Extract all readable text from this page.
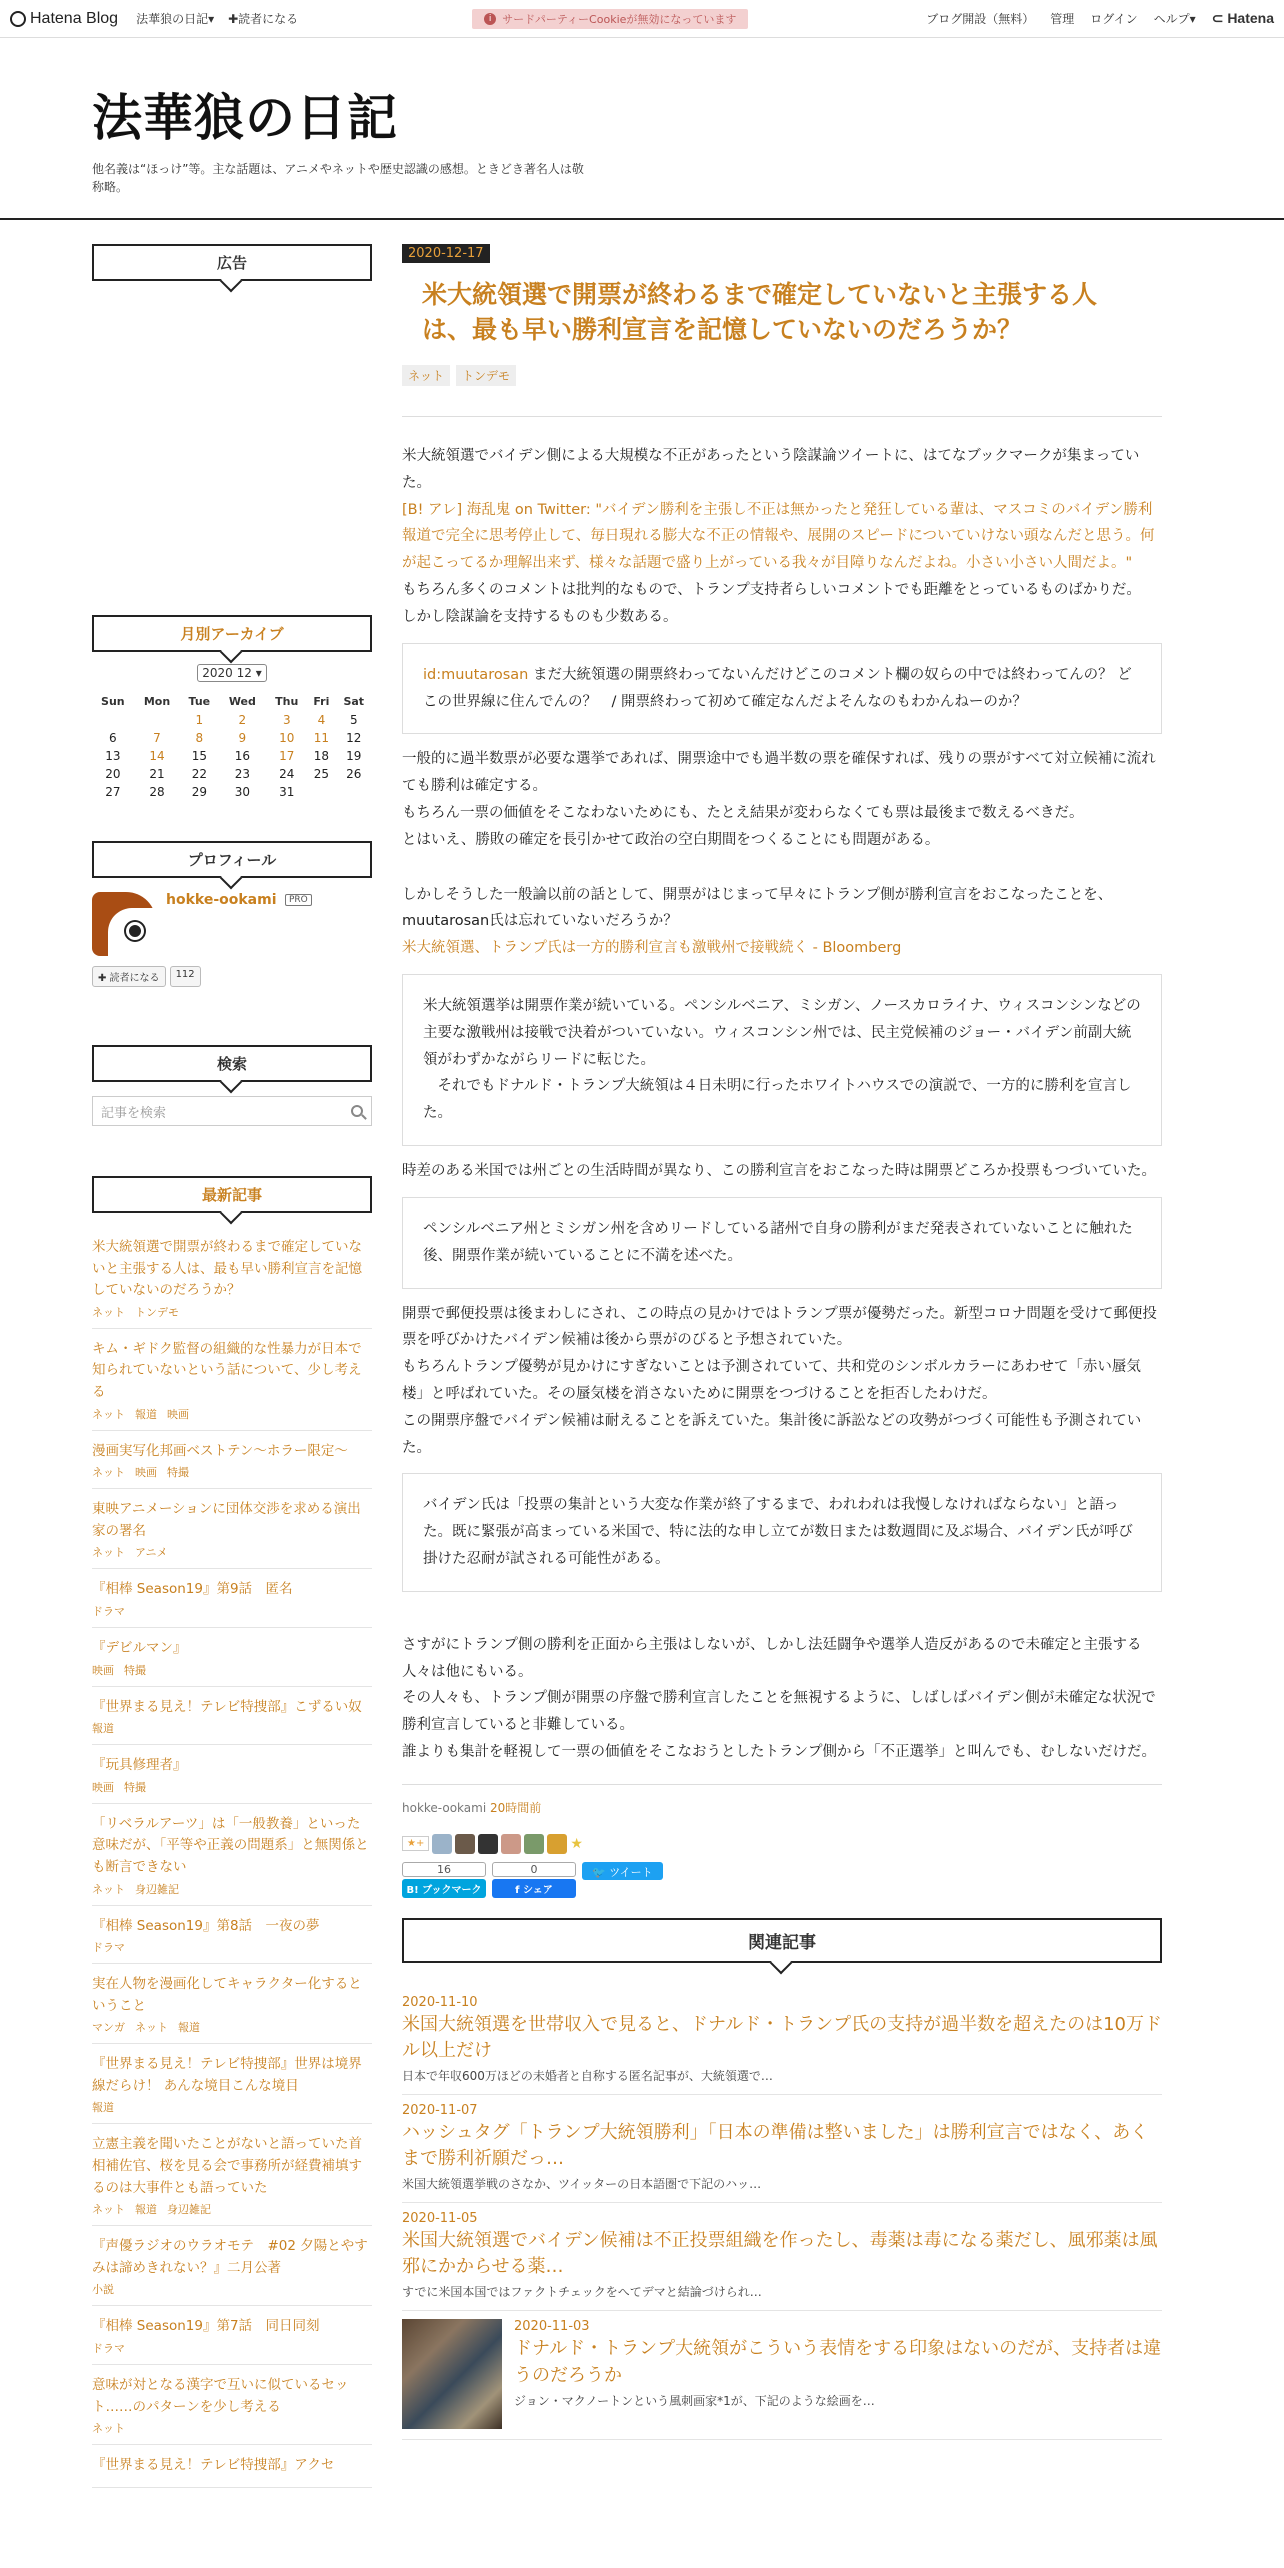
Hatena Blog 法華狼の日記▾ ✚読者になる	i サードパーティーCookieが無効になっています	ブログ開設（無料） 管理 ログイン ヘルプ▾ ⊂ Hatena
法華狼の日記
他名義は“ほっけ”等。主な話題は、アニメやネットや歴史認識の感想。ときどき著名人は敬称略。
広告
月別アーカイブ
2020 12 ▾
Sun	Mon	Tue	Wed	Thu	Fri	Sat
		1	2	3	4	5
6	7	8	9	10	11	12
13	14	15	16	17	18	19
20	21	22	23	24	25	26
27	28	29	30	31		
プロフィール
hokke-ookami PRO
✚ 読者になる	112
検索
記事を検索
最新記事
米大統領選で開票が終わるまで確定していないと主張する人は、最も早い勝利宣言を記憶していないのだろうか？
ネット トンデモ
キム・ギドク監督の組織的な性暴力が日本で知られていないという話について、少し考える
ネット 報道 映画
漫画実写化邦画ベストテン～ホラー限定～
ネット 映画 特撮
東映アニメーションに団体交渉を求める演出家の署名
ネット アニメ
『相棒 Season19』第9話　匿名
ドラマ
『デビルマン』
映画 特撮
『世界まる見え！テレビ特捜部』こずるい奴
報道
『玩具修理者』
映画 特撮
「リベラルアーツ」は「一般教養」といった意味だが、「平等や正義の問題系」と無関係とも断言できない
ネット 身辺雑記
『相棒 Season19』第8話　一夜の夢
ドラマ
実在人物を漫画化してキャラクター化するということ
マンガ ネット 報道
『世界まる見え！テレビ特捜部』世界は境界線だらけ！ あんな境目こんな境目
報道
立憲主義を聞いたことがないと語っていた首相補佐官、桜を見る会で事務所が経費補填するのは大事件とも語っていた
ネット 報道 身辺雑記
『声優ラジオのウラオモテ　#02 夕陽とやすみは諦めきれない？』二月公著
小説
『相棒 Season19』第7話　同日同刻
ドラマ
意味が対となる漢字で互いに似ているセット……のパターンを少し考える
ネット
『世界まる見え！テレビ特捜部』アクセ
2020-12-17
米大統領選で開票が終わるまで確定していないと主張する人は、最も早い勝利宣言を記憶していないのだろうか？
ネット	トンデモ
米大統領選でバイデン側による大規模な不正があったという陰謀論ツイートに、はてなブックマークが集まっていた。
[B! アレ] 海乱鬼 on Twitter: "バイデン勝利を主張し不正は無かったと発狂している輩は、マスコミのバイデン勝利報道で完全に思考停止して、毎日現れる膨大な不正の情報や、展開のスピードについていけない頭なんだと思う。何が起こってるか理解出来ず、様々な話題で盛り上がっている我々が目障りなんだよね。小さい小さい人間だよ。"
もちろん多くのコメントは批判的なもので、トランプ支持者らしいコメントでも距離をとっているものばかりだ。
しかし陰謀論を支持するものも少数ある。
id:muutarosan まだ大統領選の開票終わってないんだけどこのコメント欄の奴らの中では終わってんの？ どこの世界線に住んでんの？　/ 開票終わって初めて確定なんだよそんなのもわかんねーのか？
一般的に過半数票が必要な選挙であれば、開票途中でも過半数の票を確保すれば、残りの票がすべて対立候補に流れても勝利は確定する。
もちろん一票の価値をそこなわないためにも、たとえ結果が変わらなくても票は最後まで数えるべきだ。
とはいえ、勝敗の確定を長引かせて政治の空白期間をつくることにも問題がある。
しかしそうした一般論以前の話として、開票がはじまって早々にトランプ側が勝利宣言をおこなったことを、muutarosan氏は忘れていないだろうか？
米大統領選、トランプ氏は一方的勝利宣言も激戦州で接戦続く - Bloomberg
米大統領選挙は開票作業が続いている。ペンシルベニア、ミシガン、ノースカロライナ、ウィスコンシンなどの主要な激戦州は接戦で決着がついていない。ウィスコンシン州では、民主党候補のジョー・バイデン前副大統領がわずかながらリードに転じた。
　それでもドナルド・トランプ大統領は４日未明に行ったホワイトハウスでの演説で、一方的に勝利を宣言した。
時差のある米国では州ごとの生活時間が異なり、この勝利宣言をおこなった時は開票どころか投票もつづいていた。
ペンシルベニア州とミシガン州を含めリードしている諸州で自身の勝利がまだ発表されていないことに触れた後、開票作業が続いていることに不満を述べた。
開票で郵便投票は後まわしにされ、この時点の見かけではトランプ票が優勢だった。新型コロナ問題を受けて郵便投票を呼びかけたバイデン候補は後から票がのびると予想されていた。
もちろんトランプ優勢が見かけにすぎないことは予測されていて、共和党のシンボルカラーにあわせて「赤い蜃気楼」と呼ばれていた。その蜃気楼を消さないために開票をつづけることを拒否したわけだ。
この開票序盤でバイデン候補は耐えることを訴えていた。集計後に訴訟などの攻勢がつづく可能性も予測されていた。
バイデン氏は「投票の集計という大変な作業が終了するまで、われわれは我慢しなければならない」と語った。既に緊張が高まっている米国で、特に法的な申し立てが数日または数週間に及ぶ場合、バイデン氏が呼び掛けた忍耐が試される可能性がある。
さすがにトランプ側の勝利を正面から主張はしないが、しかし法廷闘争や選挙人造反があるので未確定と主張する人々は他にもいる。
その人々も、トランプ側が開票の序盤で勝利宣言したことを無視するように、しばしばバイデン側が未確定な状況で勝利宣言していると非難している。
誰よりも集計を軽視して一票の価値をそこなおうとしたトランプ側から「不正選挙」と叫んでも、むしないだけだ。
hokke-ookami 20時間前
★+	★
16
B! ブックマーク
0
f シェア
🐦 ツイート
関連記事
2020-11-10
米国大統領選を世帯収入で見ると、ドナルド・トランプ氏の支持が過半数を超えたのは10万ドル以上だけ
日本で年収600万ほどの未婚者と自称する匿名記事が、大統領選で…
2020-11-07
ハッシュタグ「トランプ大統領勝利」「日本の準備は整いました」は勝利宣言ではなく、あくまで勝利祈願だっ…
米国大統領選挙戦のさなか、ツイッターの日本語圏で下記のハッ…
2020-11-05
米国大統領選でバイデン候補は不正投票組織を作ったし、毒薬は毒になる薬だし、風邪薬は風邪にかからせる薬…
すでに米国本国ではファクトチェックをへてデマと結論づけられ…
2020-11-03
ドナルド・トランプ大統領がこういう表情をする印象はないのだが、支持者は違うのだろうか
ジョン・マクノートンという風刺画家*1が、下記のような絵画を…
